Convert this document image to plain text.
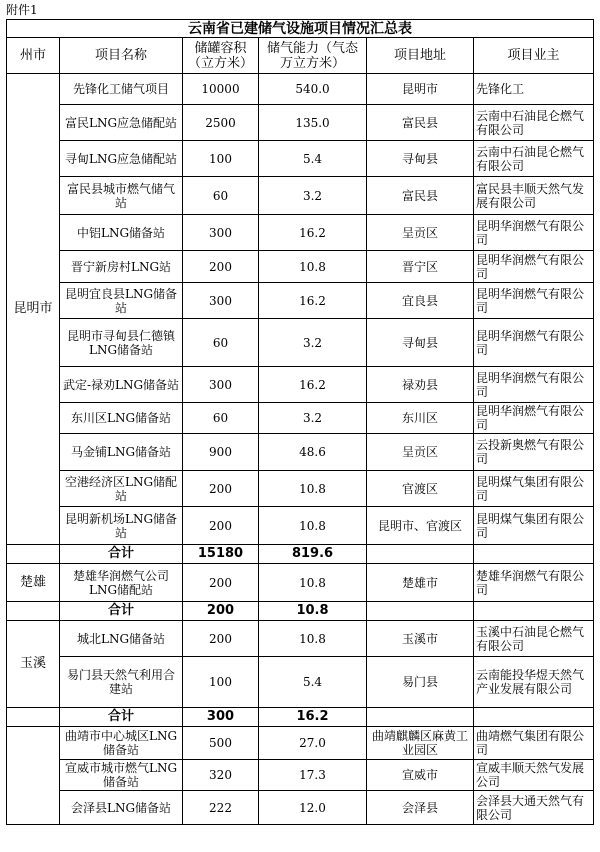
附件1
云南省已建储气设施项目情况汇总表					
州市	项目名称	储罐容积（立方米）	储气能力（气态 万立方米）	项目地址	项目业主
昆明市	先锋化工储气项目	10000	540.0	昆明市	先锋化工
	富民LNG应急储配站	2500	135.0	富民县	云南中石油昆仑燃气有限公司
	寻甸LNG应急储配站	100	5.4	寻甸县	云南中石油昆仑燃气有限公司
	富民县城市燃气储气站	60	3.2	富民县	富民县丰顺天然气发展有限公司
	中铝LNG储备站	300	16.2	呈贡区	昆明华润燃气有限公司
	晋宁新房村LNG站	200	10.8	晋宁区	昆明华润燃气有限公司
	昆明宜良县LNG储备站	300	16.2	宜良县	昆明华润燃气有限公司
	昆明市寻甸县仁德镇LNG储备站	60	3.2	寻甸县	昆明华润燃气有限公司
	武定-禄劝LNG储备站	300	16.2	禄劝县	昆明华润燃气有限公司
	东川区LNG储备站	60	3.2	东川区	昆明华润燃气有限公司
	马金铺LNG储备站	900	48.6	呈贡区	云投新奥燃气有限公司
	空港经济区LNG储配站	200	10.8	官渡区	昆明煤气集团有限公司
	昆明新机场LNG储备站	200	10.8	昆明市、官渡区	昆明煤气集团有限公司
	合计	15180	819.6		
楚雄	楚雄华润燃气公司LNG储配站	200	10.8	楚雄市	楚雄华润燃气有限公司
	合计	200	10.8		
玉溪	城北LNG储备站	200	10.8	玉溪市	玉溪中石油昆仑燃气有限公司
	易门县天然气利用合建站	100	5.4	易门县	云南能投华煜天然气产业发展有限公司
	合计	300	16.2		
	曲靖市中心城区LNG储备站	500	27.0	曲靖麒麟区麻黄工业园区	曲靖燃气集团有限公司
	宣威市城市燃气LNG储备站	320	17.3	宣威市	宣威丰顺天然气发展公司
	会泽县LNG储备站	222	12.0	会泽县	会泽县大通天然气有限公司
